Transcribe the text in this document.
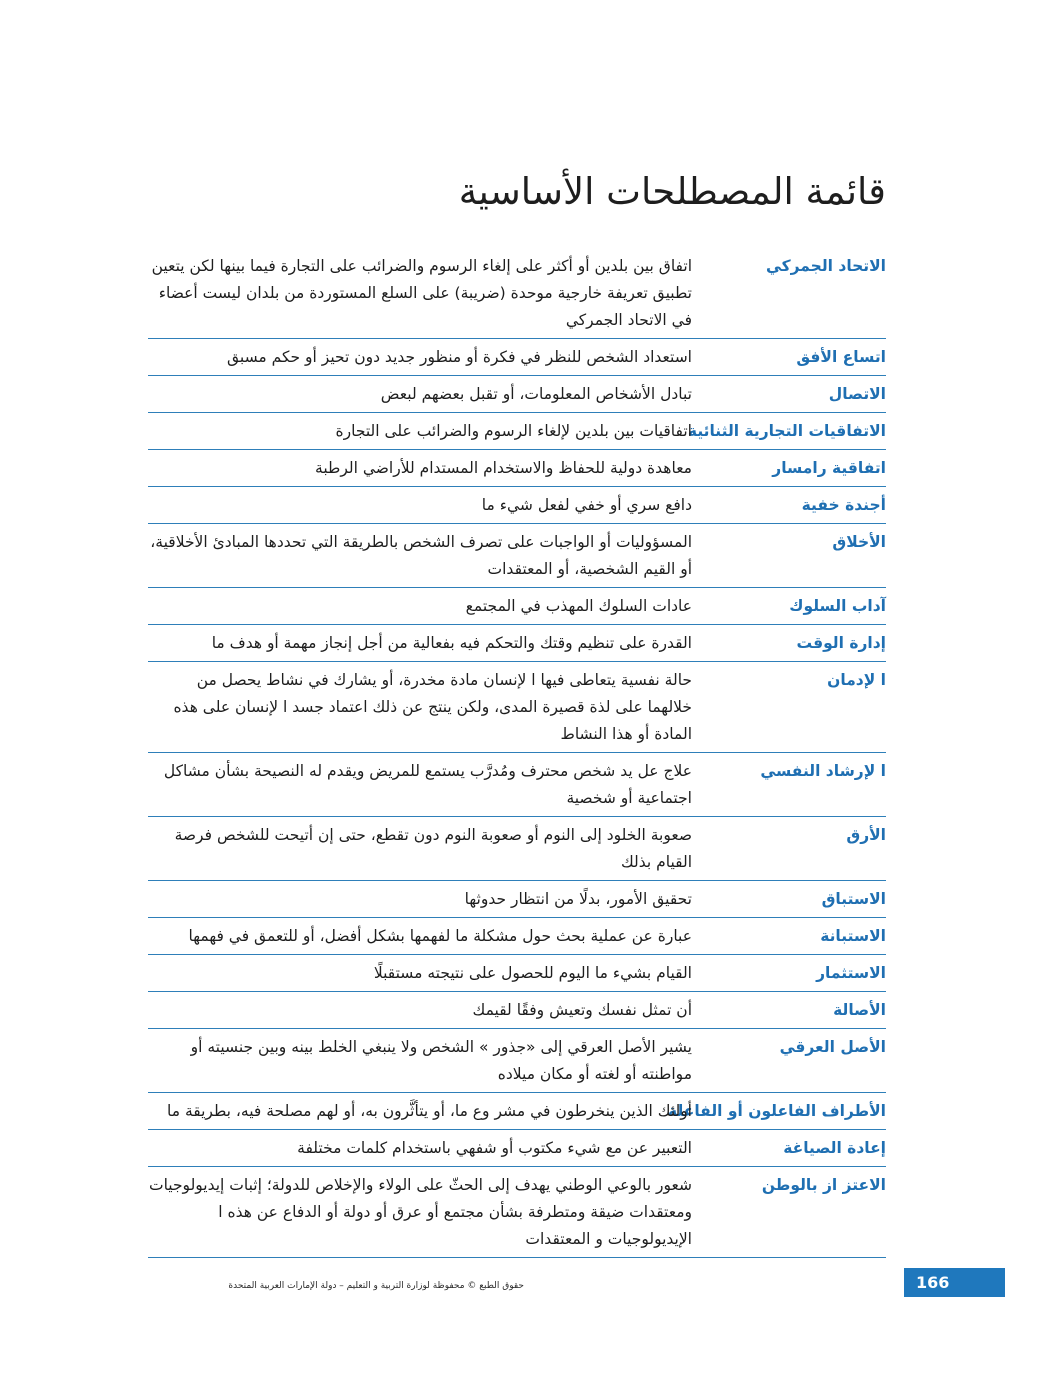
قائمة المصطلحات الأساسية
الاتحاد الجمركي
اتفاق بين بلدين أو أكثر على إلغاء الرسوم والضرائب على التجارة فيما بينها لكن يتعين تطبيق تعريفة خارجية موحدة (ضريبة) على السلع المستوردة من بلدان ليست أعضاء في الاتحاد الجمركي
اتساع الأفق
استعداد الشخص للنظر في فكرة أو منظور جديد دون تحيز أو حكم مسبق
الاتصال
تبادل الأشخاص المعلومات، أو تقبل بعضهم لبعض
الاتفاقيات التجارية الثنائية
اتفاقيات بين بلدين لإلغاء الرسوم والضرائب على التجارة
اتفاقية رامسار
معاهدة دولية للحفاظ والاستخدام المستدام للأراضي الرطبة
أجندة خفية
دافع سري أو خفي لفعل شيء ما
الأخلاق
المسؤوليات أو الواجبات على تصرف الشخص بالطريقة التي تحددها المبادئ الأخلاقية، أو القيم الشخصية، أو المعتقدات
آداب السلوك
عادات السلوك المهذب في المجتمع
إدارة الوقت
القدرة على تنظيم وقتك والتحكم فيه بفعالية من أجل إنجاز مهمة أو هدف ما
ا لإدمان
حالة نفسية يتعاطى فيها ا لإنسان مادة مخدرة، أو يشارك في نشاط يحصل من خلالهما على لذة قصيرة المدى، ولكن ينتج عن ذلك اعتماد جسد ا لإنسان على هذه المادة أو هذا النشاط
ا لإرشاد النفسي
علاج عل يد شخص محترف ومُدرَّب يستمع للمريض ويقدم له النصيحة بشأن مشاكل اجتماعية أو شخصية
الأرق
صعوبة الخلود إلى النوم أو صعوبة النوم دون تقطع، حتى إن أتيحت للشخص فرصة القيام بذلك
الاستباق
تحقيق الأمور، بدلًا من انتظار حدوثها
الاستبانة
عبارة عن عملية بحث حول مشكلة ما لفهمها بشكل أفضل، أو للتعمق في فهمها
الاستثمار
القيام بشيء ما اليوم للحصول على نتيجته مستقبلًا
الأصالة
أن تمثل نفسك وتعيش وفقًا لقيمك
الأصل العرقي
يشير الأصل العرقي إلى «جذور » الشخص ولا ينبغي الخلط بينه وبين جنسيته أو مواطنته أو لغته أو مكان ميلاده
الأطراف الفاعلون أو الفاعلة
أولئك الذين ينخرطون في مشر وع ما، أو يتأثَّرون به، أو لهم مصلحة فيه، بطريقة ما
إعادة الصياغة
التعبير عن مع شيء مكتوب أو شفهي باستخدام كلمات مختلفة
الاعتز از بالوطن
شعور بالوعي الوطني يهدف إلى الحثّ على الولاء والإخلاص للدولة؛ إثبات إيديولوجيات ومعتقدات ضيقة ومتطرفة بشأن مجتمع أو عرق أو دولة أو الدفاع عن هذه ا الإيديولوجيات و المعتقدات
حقوق الطبع © محفوظة لوزارة التربية و التعليم – دولة الإمارات العربية المتحدة	166
